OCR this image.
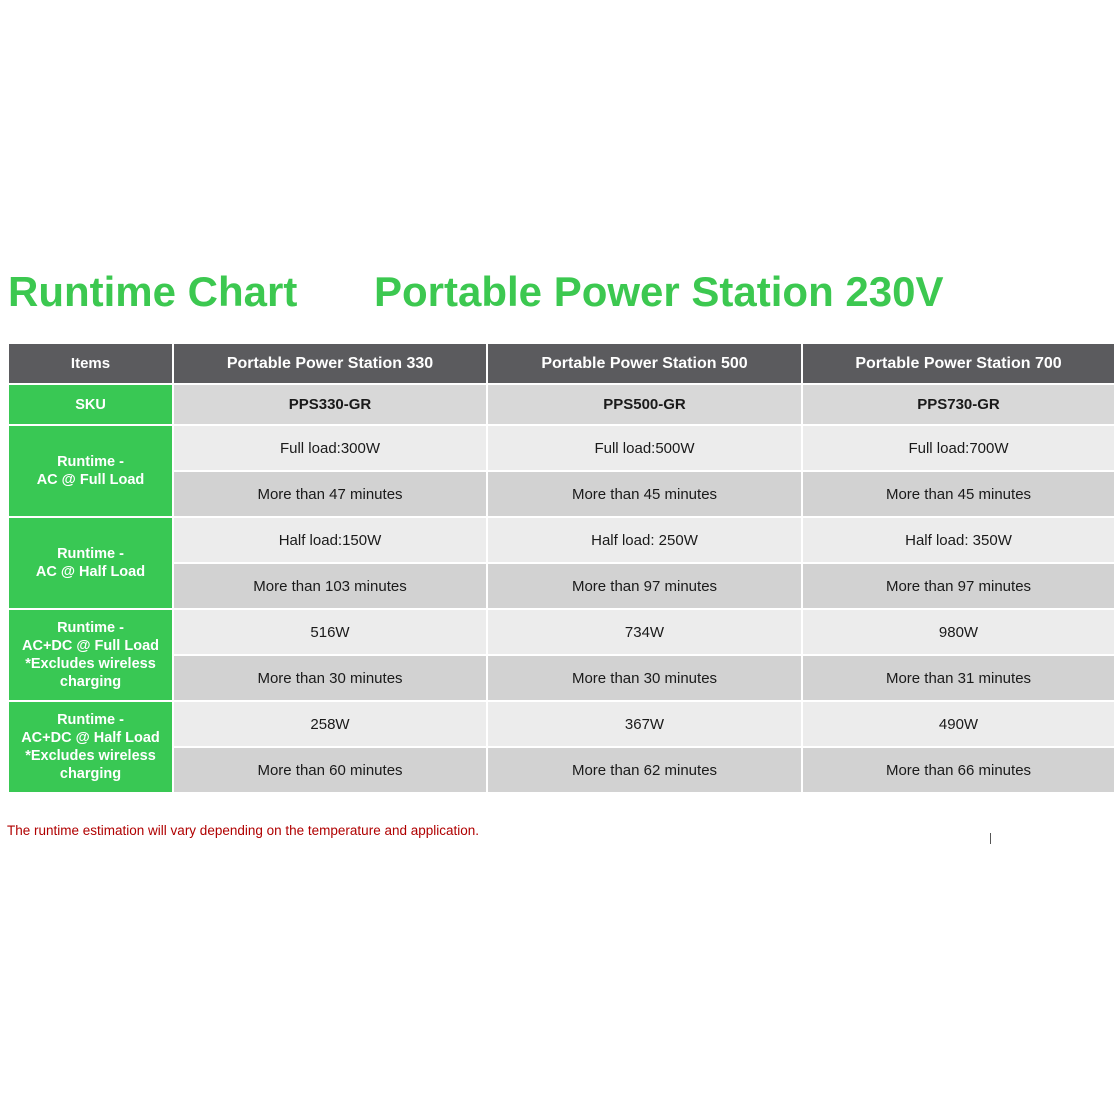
Runtime Chart Portable Power Station 230V
Items	Portable Power Station 330	Portable Power Station 500	Portable Power Station 700
SKU	PPS330-GR	PPS500-GR	PPS730-GR

Runtime -
AC @ Full Load	Full load:300W	Full load:500W	Full load:700W
	More than 47 minutes	More than 45 minutes	More than 45 minutes

Runtime -
AC @ Half Load	Half load:150W	Half load: 250W	Half load: 350W
	More than 103 minutes	More than 97 minutes	More than 97 minutes

Runtime -
AC+DC @ Full Load
*Excludes wireless
charging	516W	734W	980W
	More than 30 minutes	More than 30 minutes	More than 31 minutes

Runtime -
AC+DC @ Half Load
*Excludes wireless
charging	258W	367W	490W
	More than 60 minutes	More than 62 minutes	More than 66 minutes
The runtime estimation will vary depending on the temperature and application.
